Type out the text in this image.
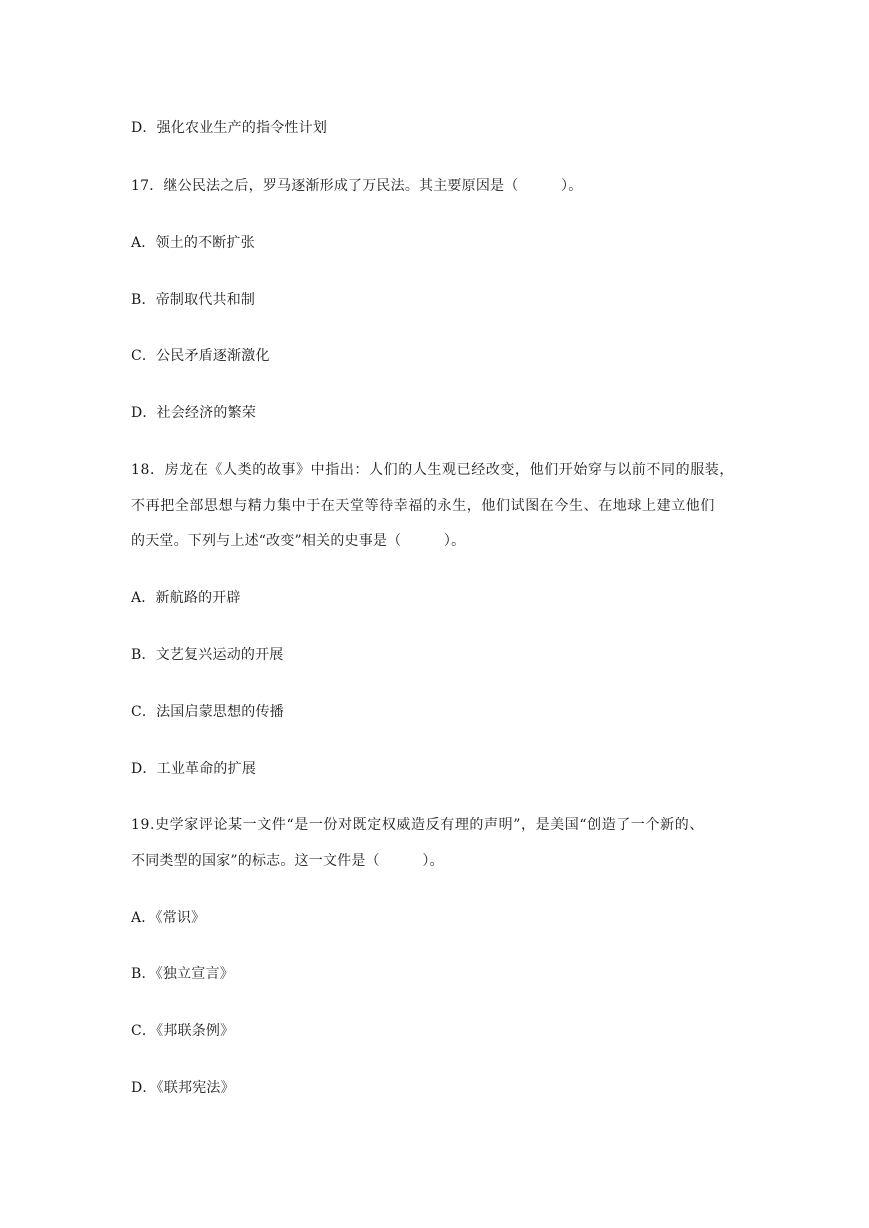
D．强化农业生产的指令性计划
17．继公民法之后，罗马逐渐形成了万民法。其主要原因是（　　　）。
A．领土的不断扩张
B．帝制取代共和制
C．公民矛盾逐渐激化
D．社会经济的繁荣
18．房龙在《人类的故事》中指出：人们的人生观已经改变，他们开始穿与以前不同的服装，
不再把全部思想与精力集中于在天堂等待幸福的永生，他们试图在今生、在地球上建立他们
的天堂。下列与上述“改变”相关的史事是（　　　）。
A．新航路的开辟
B．文艺复兴运动的开展
C．法国启蒙思想的传播
D．工业革命的扩展
19.史学家评论某一文件“是一份对既定权威造反有理的声明”，是美国“创造了一个新的、
不同类型的国家”的标志。这一文件是（　　　）。
A．《常识》
B．《独立宣言》
C．《邦联条例》
D．《联邦宪法》
